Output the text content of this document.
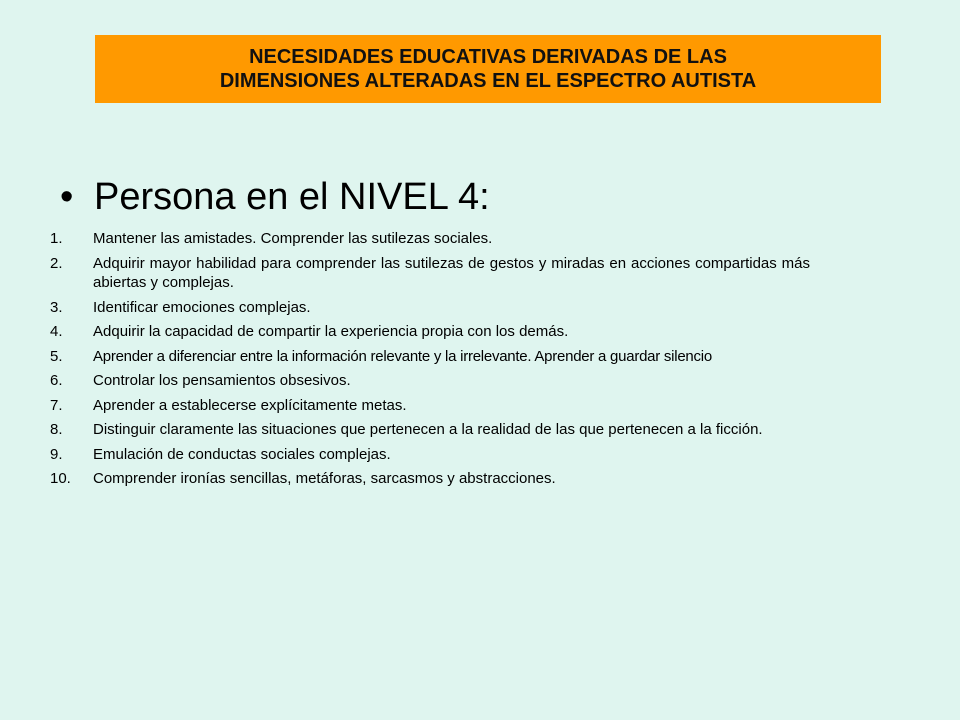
NECESIDADES EDUCATIVAS DERIVADAS DE LAS
DIMENSIONES ALTERADAS EN EL ESPECTRO AUTISTA
• Persona en el NIVEL 4:
1.	Mantener las amistades. Comprender las sutilezas sociales.
2.	Adquirir mayor habilidad para comprender las sutilezas de gestos y miradas en acciones compartidas más abiertas y complejas.
3.	Identificar emociones complejas.
4.	Adquirir la capacidad de compartir la experiencia propia con los demás.
5.	Aprender a diferenciar entre la información relevante y la irrelevante. Aprender a guardar silencio
6.	Controlar los pensamientos obsesivos.
7.	Aprender a establecerse explícitamente metas.
8.	Distinguir claramente las situaciones que pertenecen a la realidad de las que pertenecen a la ficción.
9.	Emulación de conductas sociales complejas.
10.	Comprender ironías sencillas, metáforas, sarcasmos y abstracciones.
